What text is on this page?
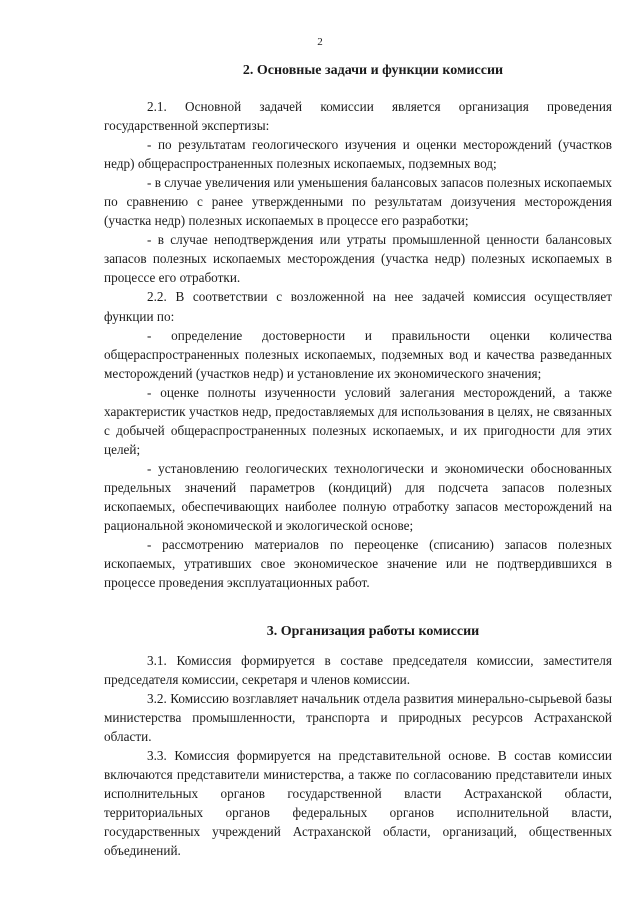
2
2. Основные задачи и функции комиссии

2.1. Основной задачей комиссии является организация проведения государственной экспертизы:

- по результатам геологического изучения и оценки месторождений (участков недр) общераспространенных полезных ископаемых, подземных вод;

- в случае увеличения или уменьшения балансовых запасов полезных ископаемых по сравнению с ранее утвержденными по результатам доизучения месторождения (участка недр) полезных ископаемых в процессе его разработки;

- в случае неподтверждения или утраты промышленной ценности балансовых запасов полезных ископаемых месторождения (участка недр) полезных ископаемых в процессе его отработки.

2.2. В соответствии с возложенной на нее задачей комиссия осуществляет функции по:

- определение достоверности и правильности оценки количества общераспространенных полезных ископаемых, подземных вод и качества разведанных месторождений (участков недр) и установление их экономического значения;

- оценке полноты изученности условий залегания месторождений, а также характеристик участков недр, предоставляемых для использования в целях, не связанных с добычей общераспространенных полезных ископаемых, и их пригодности для этих целей;

- установлению геологических технологически и экономически обоснованных предельных значений параметров (кондиций) для подсчета запасов полезных ископаемых, обеспечивающих наиболее полную отработку запасов месторождений на рациональной экономической и экологической основе;

- рассмотрению материалов по переоценке (списанию) запасов полезных ископаемых, утративших свое экономическое значение или не подтвердившихся в процессе проведения эксплуатационных работ.

3. Организация работы комиссии

3.1. Комиссия формируется в составе председателя комиссии, заместителя председателя комиссии, секретаря и членов комиссии.

3.2. Комиссию возглавляет начальник отдела развития минерально-сырьевой базы министерства промышленности, транспорта и природных ресурсов Астраханской области.

3.3. Комиссия формируется на представительной основе. В состав комиссии включаются представители министерства, а также по согласованию представители иных исполнительных органов государственной власти Астраханской области, территориальных органов федеральных органов исполнительной власти, государственных учреждений Астраханской области, организаций, общественных объединений.
